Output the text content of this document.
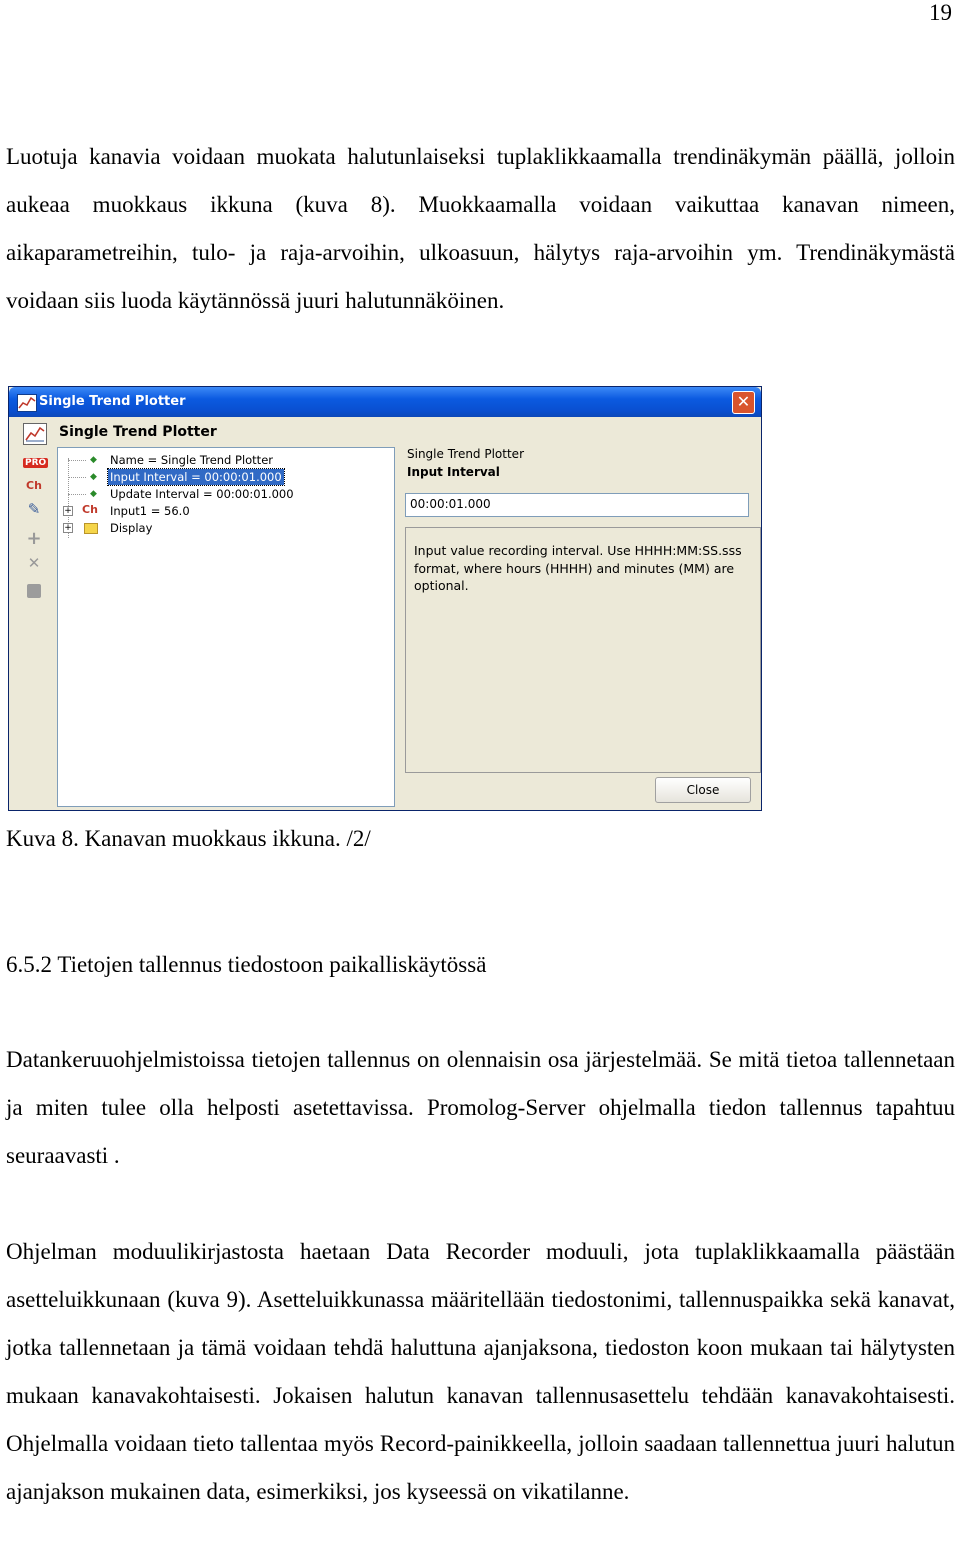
19

Luotuja kanavia voidaan muokata halutunlaiseksi tuplaklikkaamalla trendinäkymän päällä, jolloin aukeaa muokkaus ikkuna (kuva 8). Muokkaamalla voidaan vaikuttaa kanavan nimeen, aikaparametreihin, tulo- ja raja-arvoihin, ulkoasuun, hälytys raja-arvoihin ym. Trendinäkymästä voidaan siis luoda käytännössä juuri halutunnäköinen.

Single Trend Plotter	✕
Single Trend Plotter
PRO
Ch
✎
+
✕
◆ Name = Single Trend Plotter
◆ Input Interval = 00:00:01.000
◆ Update Interval = 00:00:01.000
+ Ch Input1 = 56.0
+	Display
Single Trend Plotter
Input Interval
00:00:01.000
Input value recording interval. Use HHHH:MM:SS.sss format, where hours (HHHH) and minutes (MM) are optional.
Close

Kuva 8. Kanavan muokkaus ikkuna. /2/

6.5.2 Tietojen tallennus tiedostoon paikalliskäytössä

Datankeruuohjelmistoissa tietojen tallennus on olennaisin osa järjestelmää. Se mitä tietoa tallennetaan ja miten tulee olla helposti asetettavissa. Promolog-Server ohjelmalla tiedon tallennus tapahtuu seuraavasti .

Ohjelman moduulikirjastosta haetaan Data Recorder moduuli, jota tuplaklikkaamalla päästään asetteluikkunaan (kuva 9). Asetteluikkunassa määritellään tiedostonimi, tallennuspaikka sekä kanavat, jotka tallennetaan ja tämä voidaan tehdä haluttuna ajanjaksona, tiedoston koon mukaan tai hälytysten mukaan kanavakohtaisesti. Jokaisen halutun kanavan tallennusasettelu tehdään kanavakohtaisesti. Ohjelmalla voidaan tieto tallentaa myös Record-painikkeella, jolloin saadaan tallennettua juuri halutun ajanjakson mukainen data, esimerkiksi, jos kyseessä on vikatilanne.
